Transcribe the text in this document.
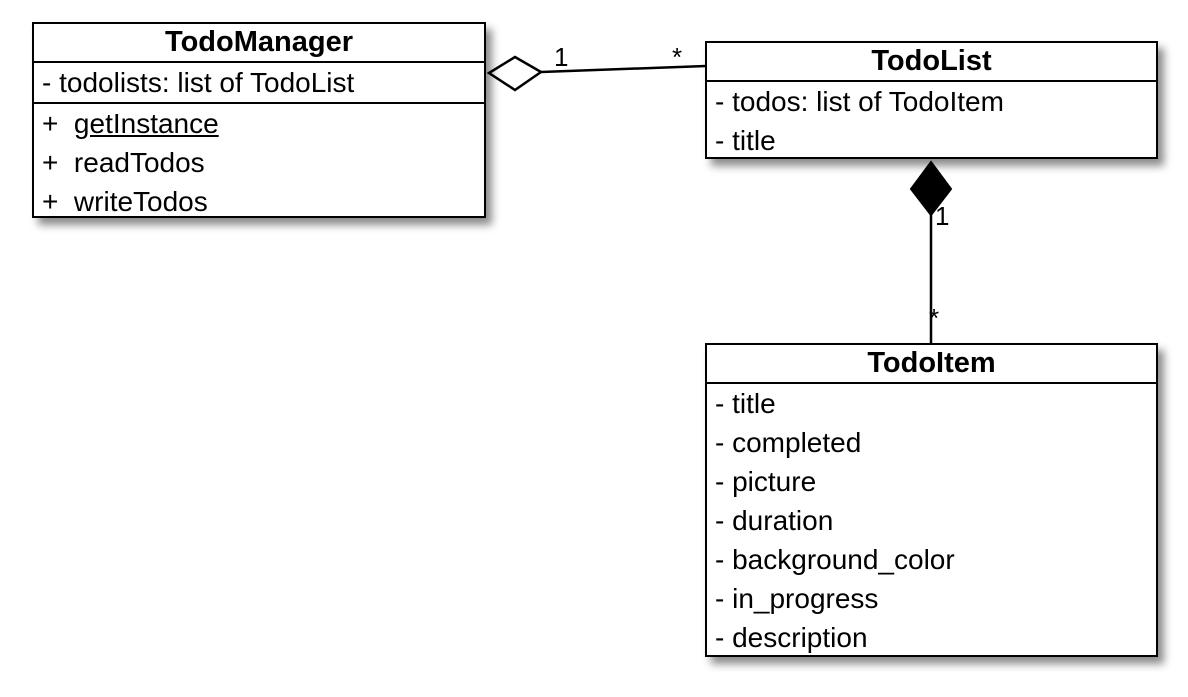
1	*
1
*
TodoManager
- todolists: list of TodoList
+  getInstance
+  readTodos
+  writeTodos
TodoList
- todos: list of TodoItem
- title
TodoItem
- title
- completed
- picture
- duration
- background_color
- in_progress
- description
